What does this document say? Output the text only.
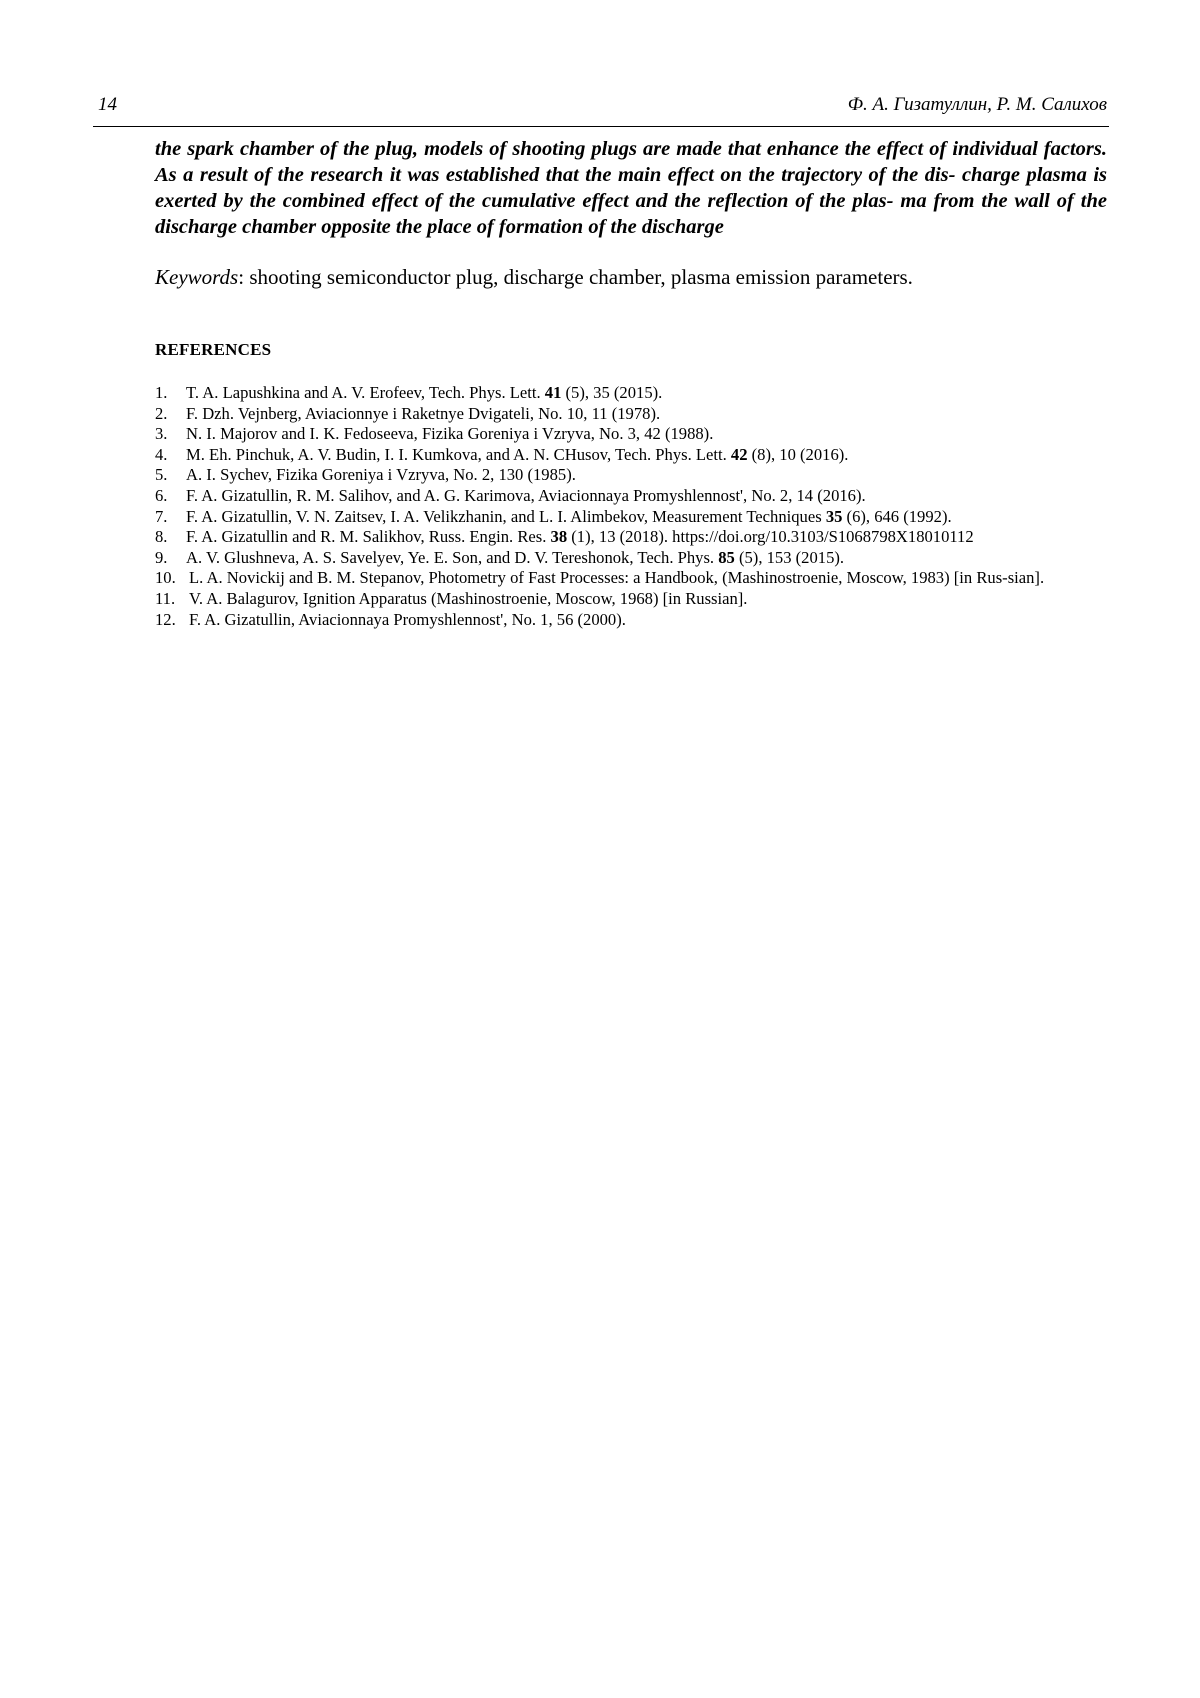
14	Ф. А. Гизатуллин, Р. М. Салихов
the spark chamber of the plug, models of shooting plugs are made that enhance the effect of individual factors. As a result of the research it was established that the main effect on the trajectory of the dis- charge plasma is exerted by the combined effect of the cumulative effect and the reflection of the plas- ma from the wall of the discharge chamber opposite the place of formation of the discharge
Keywords: shooting semiconductor plug, discharge chamber, plasma emission parameters.
REFERENCES
1. T. A. Lapushkina and A. V. Erofeev, Tech. Phys. Lett. 41 (5), 35 (2015).
2. F. Dzh. Vejnberg, Aviacionnye i Raketnye Dvigateli, No. 10, 11 (1978).
3. N. I. Majorov and I. K. Fedoseeva, Fizika Goreniya i Vzryva, No. 3, 42 (1988).
4. M. Eh. Pinchuk, A. V. Budin, I. I. Kumkova, and A. N. CHusov, Tech. Phys. Lett. 42 (8), 10 (2016).
5. A. I. Sychev, Fizika Goreniya i Vzryva, No. 2, 130 (1985).
6. F. A. Gizatullin, R. M. Salihov, and A. G. Karimova, Aviacionnaya Promyshlennost', No. 2, 14 (2016).
7. F. A. Gizatullin, V. N. Zaitsev, I. A. Velikzhanin, and L. I. Alimbekov, Measurement Techniques 35 (6), 646 (1992).
8. F. A. Gizatullin and R. M. Salikhov, Russ. Engin. Res. 38 (1), 13 (2018). https://doi.org/10.3103/S1068798X18010112
9. A. V. Glushneva, A. S. Savelyev, Ye. E. Son, and D. V. Tereshonok, Tech. Phys. 85 (5), 153 (2015).
10. L. A. Novickij and B. M. Stepanov, Photometry of Fast Processes: a Handbook, (Mashinostroenie, Moscow, 1983) [in Rus-sian].
11. V. A. Balagurov, Ignition Apparatus (Mashinostroenie, Moscow, 1968) [in Russian].
12. F. A. Gizatullin, Aviacionnaya Promyshlennost', No. 1, 56 (2000).
